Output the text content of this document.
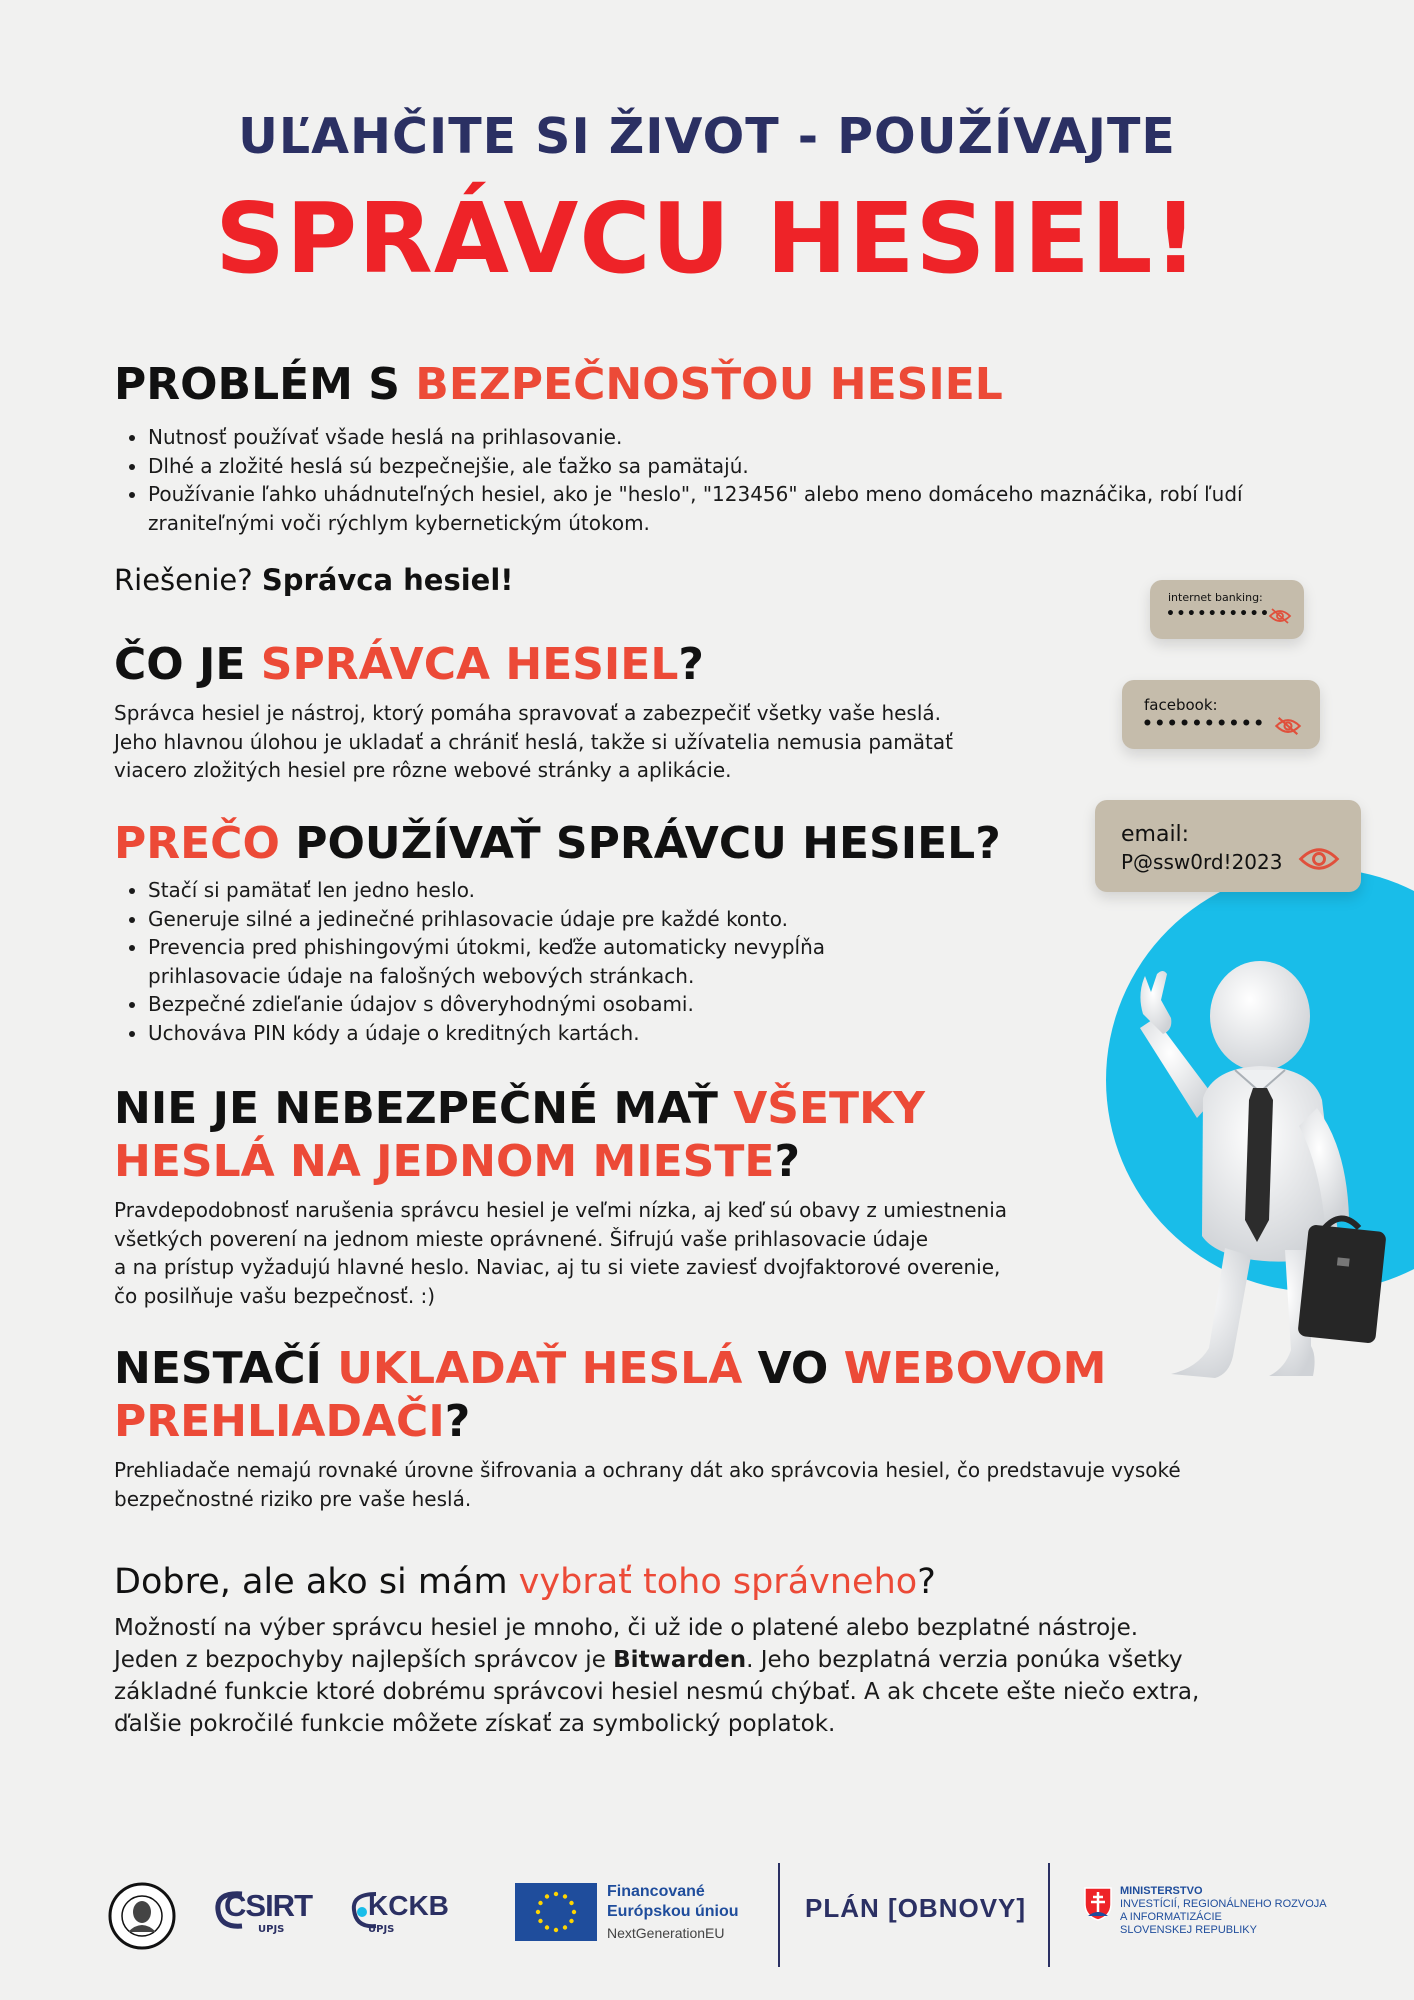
UĽAHČITE SI ŽIVOT - POUŽÍVAJTE
SPRÁVCU HESIEL!
internet banking:
••••••••••
facebook:
••••••••••
email:
P@ssw0rd!2023
PROBLÉM S BEZPEČNOSŤOU HESIEL
• Nutnosť používať všade heslá na prihlasovanie.
• Dlhé a zložité heslá sú bezpečnejšie, ale ťažko sa pamätajú.
• Používanie ľahko uhádnuteľných hesiel, ako je "heslo", "123456" alebo meno domáceho maznáčika, robí ľudí zraniteľnými voči rýchlym kybernetickým útokom.
Riešenie? Správca hesiel!
ČO JE SPRÁVCA HESIEL?

Správca hesiel je nástroj, ktorý pomáha spravovať a zabezpečiť všetky vaše heslá.

Jeho hlavnou úlohou je ukladať a chrániť heslá, takže si užívatelia nemusia pamätať

viacero zložitých hesiel pre rôzne webové stránky a aplikácie.

PREČO POUŽÍVAŤ SPRÁVCU HESIEL?
• Stačí si pamätať len jedno heslo.
• Generuje silné a jedinečné prihlasovacie údaje pre každé konto.
• Prevencia pred phishingovými útokmi, keďže automaticky nevypĺňa prihlasovacie údaje na falošných webových stránkach.
• Bezpečné zdieľanie údajov s dôveryhodnými osobami.
• Uchováva PIN kódy a údaje o kreditných kartách.
NIE JE NEBEZPEČNÉ MAŤ VŠETKY
HESLÁ NA JEDNOM MIESTE?

Pravdepodobnosť narušenia správcu hesiel je veľmi nízka, aj keď sú obavy z umiestnenia

všetkých poverení na jednom mieste oprávnené. Šifrujú vaše prihlasovacie údaje

a na prístup vyžadujú hlavné heslo. Naviac, aj tu si viete zaviesť dvojfaktorové overenie,

čo posilňuje vašu bezpečnosť. :)

NESTAČÍ UKLADAŤ HESLÁ VO WEBOVOM
PREHLIADAČI?

Prehliadače nemajú rovnaké úrovne šifrovania a ochrany dát ako správcovia hesiel, čo predstavuje vysoké

bezpečnostné riziko pre vaše heslá.

Dobre, ale ako si mám vybrať toho správneho?

Možností na výber správcu hesiel je mnoho, či už ide o platené alebo bezplatné nástroje.

Jeden z bezpochyby najlepších správcov je Bitwarden. Jeho bezplatná verzia ponúka všetky

základné funkcie ktoré dobrému správcovi hesiel nesmú chýbať. A ak chcete ešte niečo extra,

ďalšie pokročilé funkcie môžete získať za symbolický poplatok.

CSIRT
UPJS
KCKB
UPJS
Financované
Európskou úniou
NextGenerationEU
PLÁN [OBNOVY]
MINISTERSTVO
INVESTÍCIÍ, REGIONÁLNEHO ROZVOJA
A INFORMATIZÁCIE
SLOVENSKEJ REPUBLIKY
